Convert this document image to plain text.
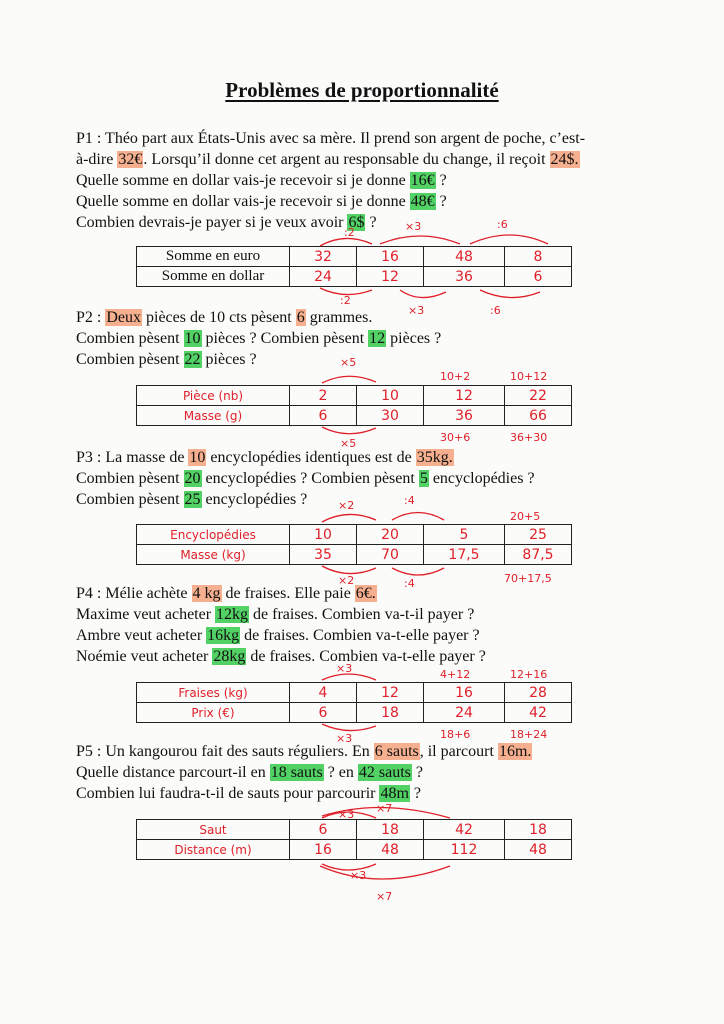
Problèmes de proportionnalité

P1 : Théo part aux États-Unis avec sa mère. Il prend son argent de poche, c’est-

à-dire 32€. Lorsqu’il donne cet argent au responsable du change, il reçoit 24$.

Quelle somme en dollar vais-je recevoir si je donne 16€ ?

Quelle somme en dollar vais-je recevoir si je donne 48€ ?

Combien devrais-je payer si je veux avoir 6$ ?

Somme en euro	32	16	48	8
Somme en dollar	24	12	36	6
:2	×3	:6
:2
×3	:6

P2 : Deux pièces de 10 cts pèsent 6 grammes.

Combien pèsent 10 pièces ? Combien pèsent 12 pièces ?

Combien pèsent 22 pièces ?

Pièce (nb)	2	10	12	22
Masse (g)	6	30	36	66
×5
10+2	10+12
×5	30+6	36+30

P3 : La masse de 10 encyclopédies identiques est de 35kg.

Combien pèsent 20 encyclopédies ? Combien pèsent 5 encyclopédies ?

Combien pèsent 25 encyclopédies ?

Encyclopédies	10	20	5	25
Masse (kg)	35	70	17,5	87,5
×2	:4
20+5
×2	:4	70+17,5

P4 : Mélie achète 4 kg de fraises. Elle paie 6€.

Maxime veut acheter 12kg de fraises. Combien va-t-il payer ?

Ambre veut acheter 16kg de fraises. Combien va-t-elle payer ?

Noémie veut acheter 28kg de fraises. Combien va-t-elle payer ?

Fraises (kg)	4	12	16	28
Prix (€)	6	18	24	42
×3	4+12	12+16
×3	18+6	18+24

P5 : Un kangourou fait des sauts réguliers. En 6 sauts, il parcourt 16m.

Quelle distance parcourt-il en 18 sauts ? en 42 sauts ?

Combien lui faudra-t-il de sauts pour parcourir 48m ?

Saut	6	18	42	18
Distance (m)	16	48	112	48
×3 ×7
×3
×7
